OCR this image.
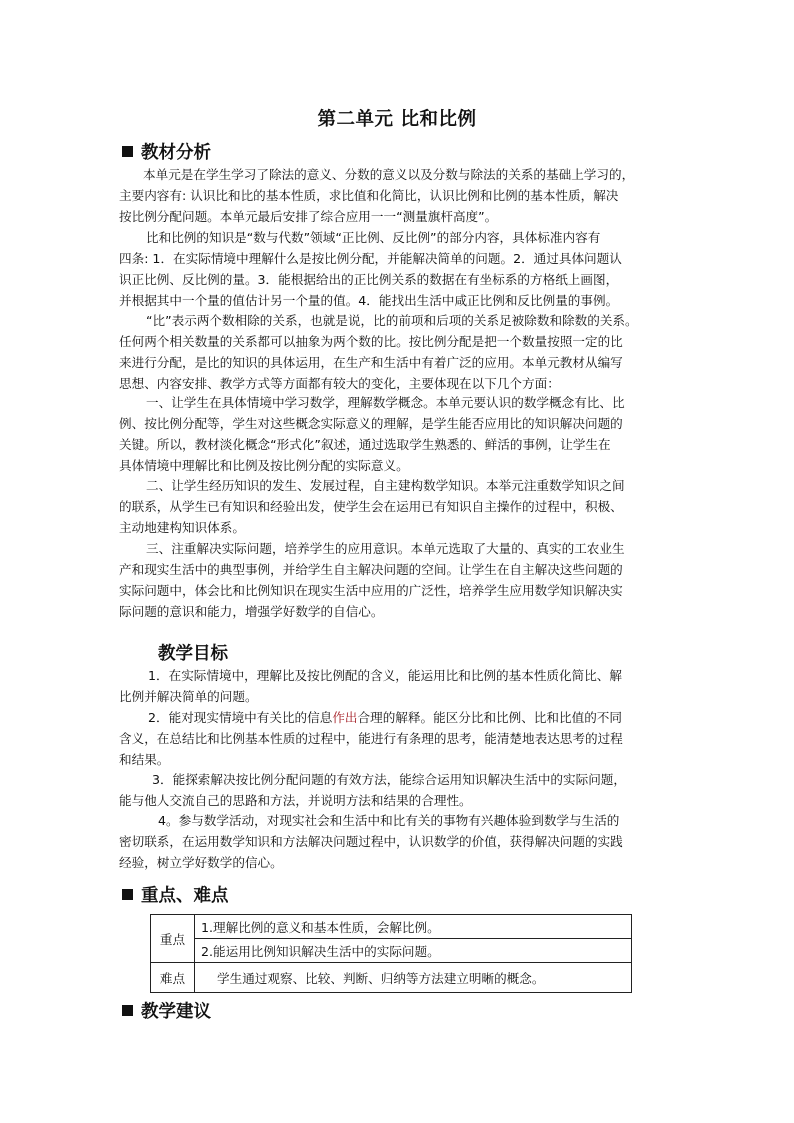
第二单元 比和比例
教材分析
本单元是在学生学习了除法的意义、分数的意义以及分数与除法的关系的基础上学习的，
主要内容有: 认识比和比的基本性质，求比值和化简比，认识比例和比例的基本性质，解决
按比例分配问题。本单元最后安排了综合应用一一“测量旗杆高度”。
比和比例的知识是“数与代数”领域“正比例、反比例”的部分内容，具体标准内容有
四条: 1．在实际情境中理解什么是按比例分配，并能解决简单的问题。2．通过具体问题认
识正比例、反比例的量。3．能根据给出的正比例关系的数据在有坐标系的方格纸上画图，
并根据其中一个量的值估计另一个量的值。4．能找出生活中咸正比例和反比例量的事例。
“比”表示两个数相除的关系，也就是说，比的前项和后项的关系足被除数和除数的关系。
任何两个相关数量的关系都可以抽象为两个数的比。按比例分配是把一个数量按照一定的比
来进行分配，是比的知识的具体运用，在生产和生活中有着广泛的应用。本单元教材从编写
思想、内容安排、教学方式等方面都有较大的变化，主要体现在以下几个方面：
一、让学生在具体情境中学习数学，理解数学概念。本单元要认识的数学概念有比、比
例、按比例分配等，学生对这些概念实际意义的理解，是学生能否应用比的知识解决问题的
关键。所以，教材淡化概念“形式化”叙述，通过选取学生熟悉的、鲜活的事例，让学生在
具体情境中理解比和比例及按比例分配的实际意义。
二、让学生经历知识的发生、发展过程，自主建构数学知识。本举元注重数学知识之间
的联系，从学生已有知识和经验出发，使学生会在运用已有知识自主操作的过程中，积极、
主动地建构知识体系。
三、注重解决实际问题，培养学生的应用意识。本单元选取了大量的、真实的工农业生
产和现实生活中的典型事例，并给学生自主解决问题的空间。让学生在自主解决这些问题的
实际问题中，体会比和比例知识在现实生活中应用的广泛性，培养学生应用数学知识解决实
际问题的意识和能力，增强学好数学的自信心。
教学目标
1．在实际情境中，理解比及按比例配的含义，能运用比和比例的基本性质化简比、解
比例并解决简单的问题。
2．能对现实情境中有关比的信息作出合理的解释。能区分比和比例、比和比值的不同
含义，在总结比和比例基本性质的过程中，能进行有条理的思考，能清楚地表达思考的过程
和结果。
3．能探索解决按比例分配问题的有效方法，能综合运用知识解决生活中的实际问题，
能与他人交流自己的思路和方法，并说明方法和结果的合理性。
4。参与数学活动，对现实社会和生活中和比有关的事物有兴趣体验到数学与生活的
密切联系，在运用数学知识和方法解决问题过程中，认识数学的价值，获得解决问题的实践
经验，树立学好数学的信心。
重点、难点
重点	1.理解比例的意义和基本性质，会解比例。
	2.能运用比例知识解决生活中的实际问题。
难点	学生通过观察、比较、判断、归纳等方法建立明晰的概念。
教学建议
